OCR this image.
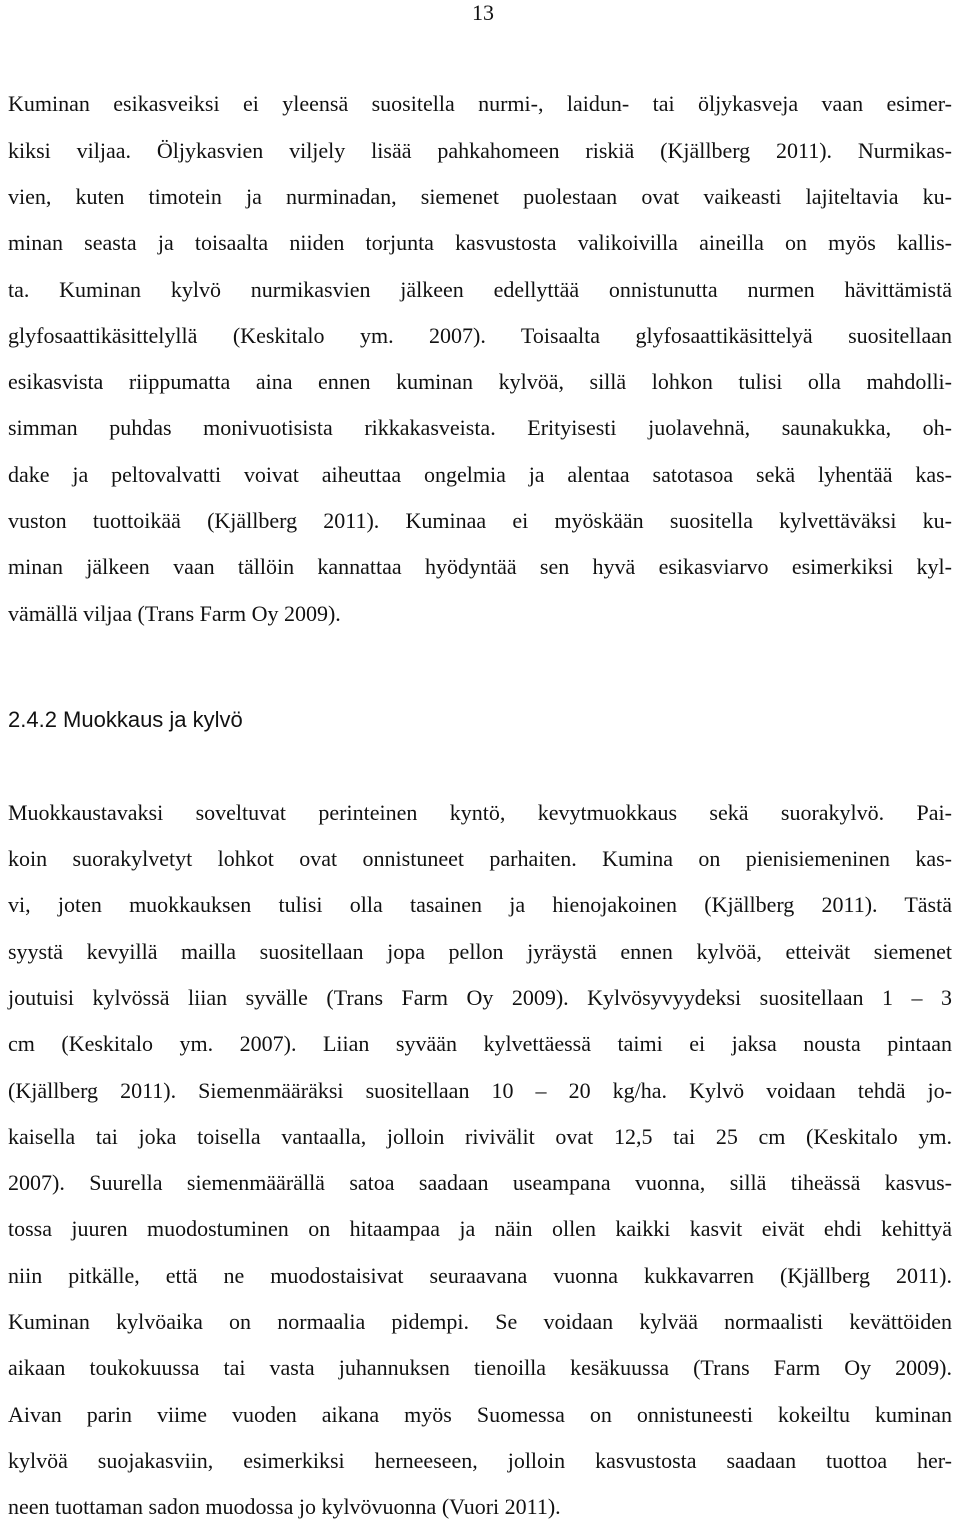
13

Kuminan esikasveiksi ei yleensä suositella nurmi-, laidun- tai öljykasveja vaan esimer-

kiksi viljaa. Öljykasvien viljely lisää pahkahomeen riskiä (Kjällberg 2011). Nurmikas-

vien, kuten timotein ja nurminadan, siemenet puolestaan ovat vaikeasti lajiteltavia ku-

minan seasta ja toisaalta niiden torjunta kasvustosta valikoivilla aineilla on myös kallis-

ta. Kuminan kylvö nurmikasvien jälkeen edellyttää onnistunutta nurmen hävittämistä

glyfosaattikäsittelyllä (Keskitalo ym. 2007). Toisaalta glyfosaattikäsittelyä suositellaan

esikasvista riippumatta aina ennen kuminan kylvöä, sillä lohkon tulisi olla mahdolli-

simman puhdas monivuotisista rikkakasveista. Erityisesti juolavehnä, saunakukka, oh-

dake ja peltovalvatti voivat aiheuttaa ongelmia ja alentaa satotasoa sekä lyhentää kas-

vuston tuottoikää (Kjällberg 2011). Kuminaa ei myöskään suositella kylvettäväksi ku-

minan jälkeen vaan tällöin kannattaa hyödyntää sen hyvä esikasviarvo esimerkiksi kyl-

vämällä viljaa (Trans Farm Oy 2009).

2.4.2 Muokkaus ja kylvö

Muokkaustavaksi soveltuvat perinteinen kyntö, kevytmuokkaus sekä suorakylvö. Pai-

koin suorakylvetyt lohkot ovat onnistuneet parhaiten. Kumina on pienisiemeninen kas-

vi, joten muokkauksen tulisi olla tasainen ja hienojakoinen (Kjällberg 2011). Tästä

syystä kevyillä mailla suositellaan jopa pellon jyräystä ennen kylvöä, etteivät siemenet

joutuisi kylvössä liian syvälle (Trans Farm Oy 2009). Kylvösyvyydeksi suositellaan 1 – 3

cm (Keskitalo ym. 2007). Liian syvään kylvettäessä taimi ei jaksa nousta pintaan

(Kjällberg 2011). Siemenmääräksi suositellaan 10 – 20 kg/ha. Kylvö voidaan tehdä jo-

kaisella tai joka toisella vantaalla, jolloin rivivälit ovat 12,5 tai 25 cm (Keskitalo ym.

2007). Suurella siemenmäärällä satoa saadaan useampana vuonna, sillä tiheässä kasvus-

tossa juuren muodostuminen on hitaampaa ja näin ollen kaikki kasvit eivät ehdi kehittyä

niin pitkälle, että ne muodostaisivat seuraavana vuonna kukkavarren (Kjällberg 2011).

Kuminan kylvöaika on normaalia pidempi. Se voidaan kylvää normaalisti kevättöiden

aikaan toukokuussa tai vasta juhannuksen tienoilla kesäkuussa (Trans Farm Oy 2009).

Aivan parin viime vuoden aikana myös Suomessa on onnistuneesti kokeiltu kuminan

kylvöä suojakasviin, esimerkiksi herneeseen, jolloin kasvustosta saadaan tuottoa her-

neen tuottaman sadon muodossa jo kylvövuonna (Vuori 2011).
